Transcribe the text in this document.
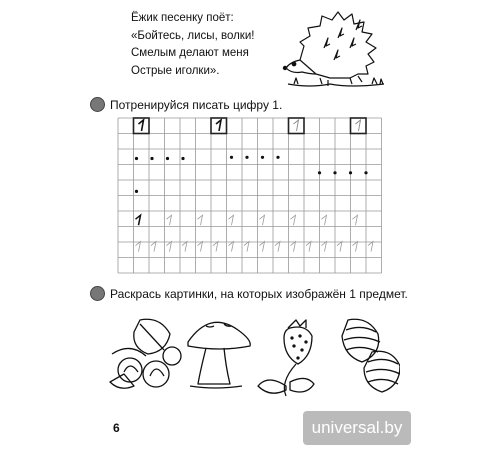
Ёжик песенку поёт:
«Бойтесь, лисы, волки!
Смелым делают меня
Острые иголки».
Потренируйся писать цифру 1.
Раскрась картинки, на которых изображён 1 предмет.
6	universal.by
